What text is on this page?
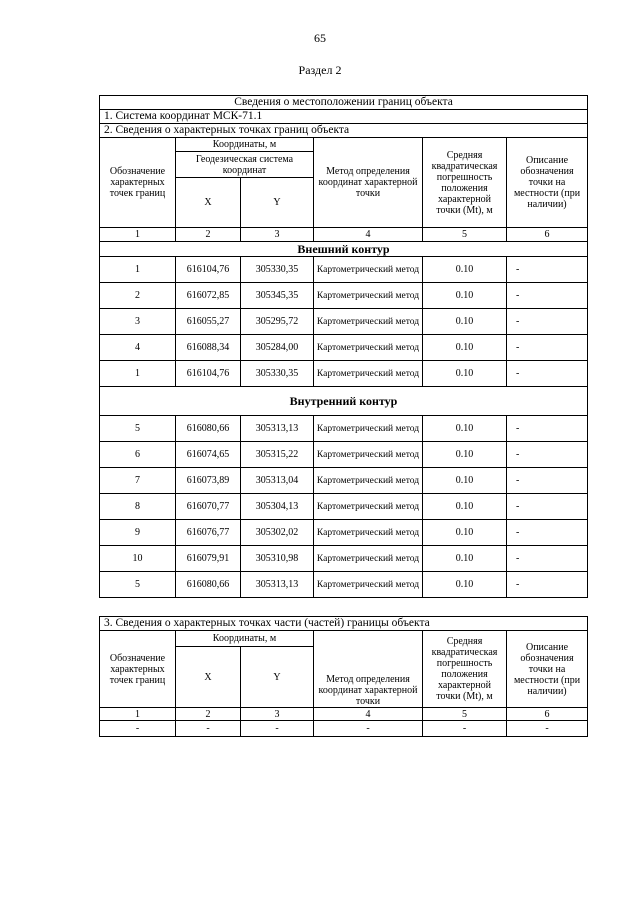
65
Раздел 2
Сведения о местоположении границ объекта					
1. Система координат МСК-71.1					
2. Сведения о характерных точках границ объекта					
Обозначение характерных точек границ	Координаты, м		Метод определения координат характерной точки	Средняя квадратическая погрешность положения характерной точки (Mt), м	Описание обозначения точки на местности (при наличии)
	Геодезическая система координат				
	X	Y			
1	2	3	4	5	6
Внешний контур					
1	616104,76	305330,35	Картометрический метод	0.10	-
2	616072,85	305345,35	Картометрический метод	0.10	-
3	616055,27	305295,72	Картометрический метод	0.10	-
4	616088,34	305284,00	Картометрический метод	0.10	-
1	616104,76	305330,35	Картометрический метод	0.10	-
Внутренний контур					
5	616080,66	305313,13	Картометрический метод	0.10	-
6	616074,65	305315,22	Картометрический метод	0.10	-
7	616073,89	305313,04	Картометрический метод	0.10	-
8	616070,77	305304,13	Картометрический метод	0.10	-
9	616076,77	305302,02	Картометрический метод	0.10	-
10	616079,91	305310,98	Картометрический метод	0.10	-
5	616080,66	305313,13	Картометрический метод	0.10	-
3. Сведения о характерных точках части (частей) границы объекта					
Обозначение характерных точек границ	Координаты, м		Метод определения координат характерной точки	Средняя квадратическая погрешность положения характерной точки (Mt), м	Описание обозначения точки на местности (при наличии)
	X	Y			
1	2	3	4	5	6
-	-	-	-	-	-
